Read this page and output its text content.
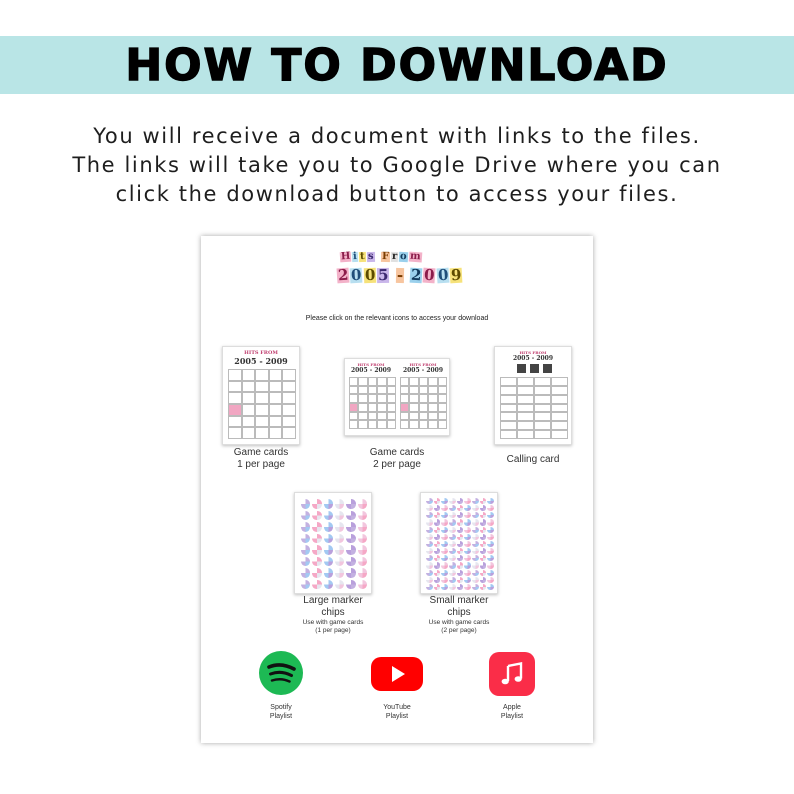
HOW TO DOWNLOAD
You will receive a document with links to the files.
The links will take you to Google Drive where you can
click the download button to access your files.
H i t s F r o m
2 0 0 5 - 2 0 0 9
Please click on the relevant icons to access your download
HITS FROM
2005 - 2009
Game cards
1 per page
HITS FROM
2005 - 2009
HITS FROM
2005 - 2009
Game cards
2 per page
HITS FROM
2005 - 2009
Calling card
Large marker
chips
Use with game cards
(1 per page)
Small marker
chips
Use with game cards
(2 per page)
Spotify
Playlist
YouTube
Playlist
Apple
Playlist
